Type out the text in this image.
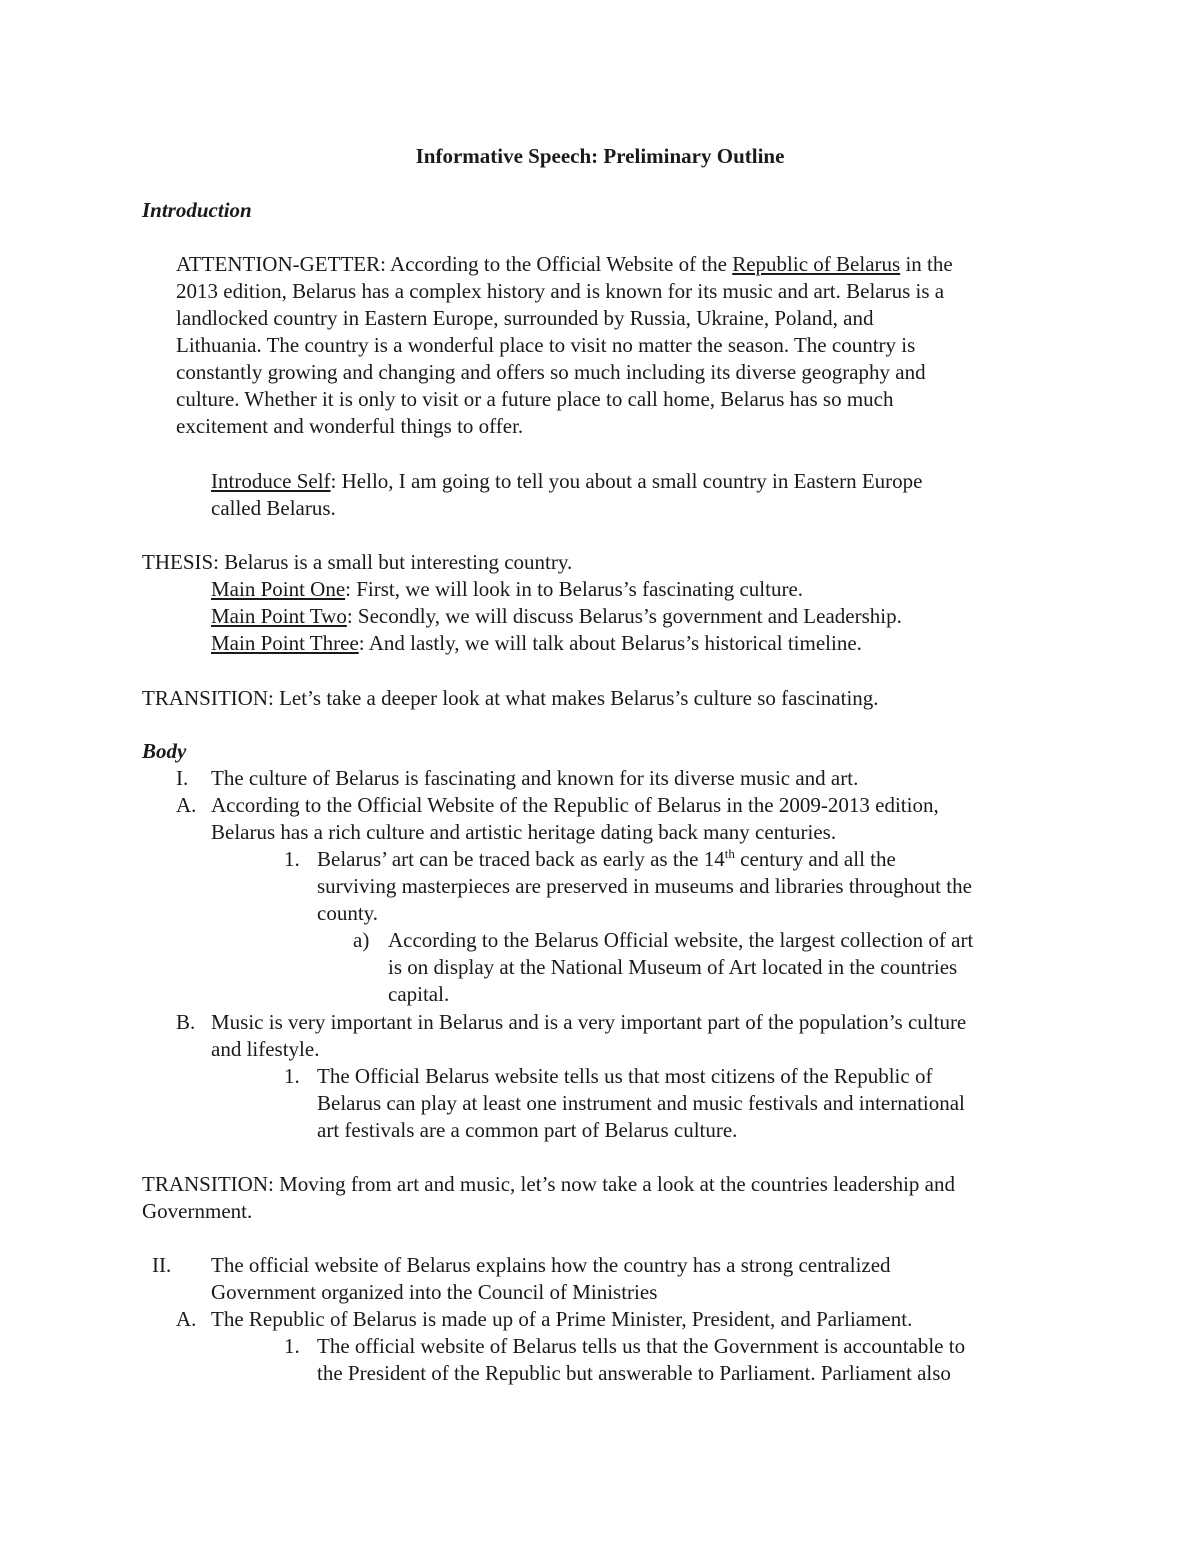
Informative Speech: Preliminary Outline
Introduction
ATTENTION-GETTER: According to the Official Website of the Republic of Belarus in the
2013 edition, Belarus has a complex history and is known for its music and art. Belarus is a
landlocked country in Eastern Europe, surrounded by Russia, Ukraine, Poland, and
Lithuania. The country is a wonderful place to visit no matter the season. The country is
constantly growing and changing and offers so much including its diverse geography and
culture. Whether it is only to visit or a future place to call home, Belarus has so much
excitement and wonderful things to offer.
Introduce Self: Hello, I am going to tell you about a small country in Eastern Europe
called Belarus.
THESIS: Belarus is a small but interesting country.
Main Point One: First, we will look in to Belarus’s fascinating culture.
Main Point Two: Secondly, we will discuss Belarus’s government and Leadership.
Main Point Three: And lastly, we will talk about Belarus’s historical timeline.
TRANSITION: Let’s take a deeper look at what makes Belarus’s culture so fascinating.
Body
I. The culture of Belarus is fascinating and known for its diverse music and art.
A. According to the Official Website of the Republic of Belarus in the 2009-2013 edition,
Belarus has a rich culture and artistic heritage dating back many centuries.
1. Belarus’ art can be traced back as early as the 14th century and all the
surviving masterpieces are preserved in museums and libraries throughout the
county.
a) According to the Belarus Official website, the largest collection of art
is on display at the National Museum of Art located in the countries
capital.
B. Music is very important in Belarus and is a very important part of the population’s culture
and lifestyle.
1. The Official Belarus website tells us that most citizens of the Republic of
Belarus can play at least one instrument and music festivals and international
art festivals are a common part of Belarus culture.
TRANSITION: Moving from art and music, let’s now take a look at the countries leadership and
Government.
II. The official website of Belarus explains how the country has a strong centralized
Government organized into the Council of Ministries
A. The Republic of Belarus is made up of a Prime Minister, President, and Parliament.
1. The official website of Belarus tells us that the Government is accountable to
the President of the Republic but answerable to Parliament. Parliament also
